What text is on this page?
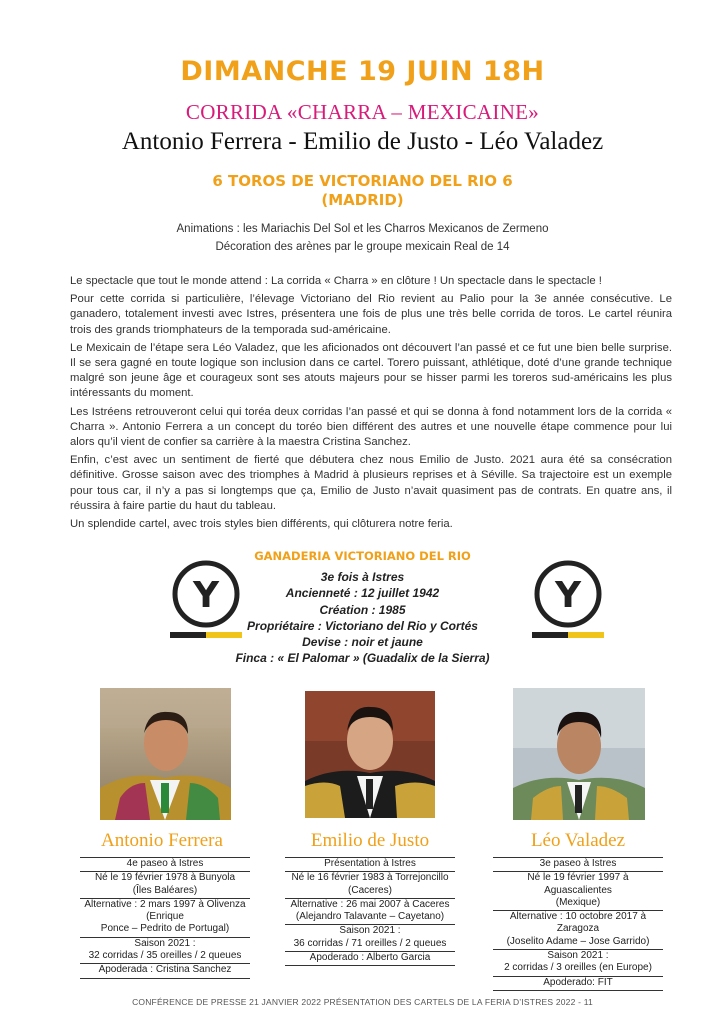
DIMANCHE 19 JUIN 18H
CORRIDA «CHARRA – MEXICAINE»
Antonio Ferrera - Emilio de Justo - Léo Valadez
6 TOROS DE VICTORIANO DEL RIO 6
(MADRID)
Animations : les Mariachis Del Sol et les Charros Mexicanos de Zermeno
Décoration des arènes par le groupe mexicain Real de 14

Le spectacle que tout le monde attend : La corrida « Charra » en clôture ! Un spectacle dans le spectacle !

Pour cette corrida si particulière, l’élevage Victoriano del Rio revient au Palio pour la 3e année consécutive. Le ganadero, totalement investi avec Istres, présentera une fois de plus une très belle corrida de toros. Le cartel réunira trois des grands triomphateurs de la temporada sud-américaine.

Le Mexicain de l’étape sera Léo Valadez, que les aficionados ont découvert l’an passé et ce fut une bien belle surprise. Il se sera gagné en toute logique son inclusion dans ce cartel. Torero puissant, athlétique, doté d’une grande technique malgré son jeune âge et courageux sont ses atouts majeurs pour se hisser parmi les toreros sud-américains les plus intéressants du moment.

Les Istréens retrouveront celui qui toréa deux corridas l’an passé et qui se donna à fond notamment lors de la corrida « Charra ». Antonio Ferrera a un concept du toréo bien différent des autres et une nouvelle étape commence pour lui alors qu’il vient de confier sa carrière à la maestra Cristina Sanchez.

Enfin, c’est avec un sentiment de fierté que débutera chez nous Emilio de Justo. 2021 aura été sa consécration définitive. Grosse saison avec des triomphes à Madrid à plusieurs reprises et à Séville. Sa trajectoire est un exemple pour tous car, il n’y a pas si longtemps que ça, Emilio de Justo n’avait quasiment pas de contrats. En quatre ans, il réussira à faire partie du haut du tableau.

Un splendide cartel, avec trois styles bien différents, qui clôturera notre feria.

Y	Y
GANADERIA VICTORIANO DEL RIO
3e fois à Istres
Ancienneté : 12 juillet 1942
Création : 1985
Propriétaire : Victoriano del Rio y Cortés
Devise : noir et jaune
Finca : « El Palomar » (Guadalix de la Sierra)
Antonio Ferrera	Emilio de Justo	Léo Valadez
4e paseo à Istres
Né le 19 février 1978 à Bunyola
(Îles Baléares)
Alternative : 2 mars 1997 à Olivenza (Enrique
Ponce – Pedrito de Portugal)
Saison 2021 :
32 corridas / 35 oreilles / 2 queues
Apoderada : Cristina Sanchez
Présentation à Istres
Né le 16 février 1983 à Torrejoncillo
(Caceres)
Alternative : 26 mai 2007 à Caceres
(Alejandro Talavante – Cayetano)
Saison 2021 :
36 corridas / 71 oreilles / 2 queues
Apoderado : Alberto Garcia
3e paseo à Istres
Né le 19 février 1997 à Aguascalientes
(Mexique)
Alternative : 10 octobre 2017 à Zaragoza
(Joselito Adame – Jose Garrido)
Saison 2021 :
2 corridas / 3 oreilles (en Europe)
Apoderado: FIT
CONFÉRENCE DE PRESSE 21 JANVIER 2022 PRÉSENTATION DES CARTELS DE LA FERIA D’ISTRES 2022 - 11
